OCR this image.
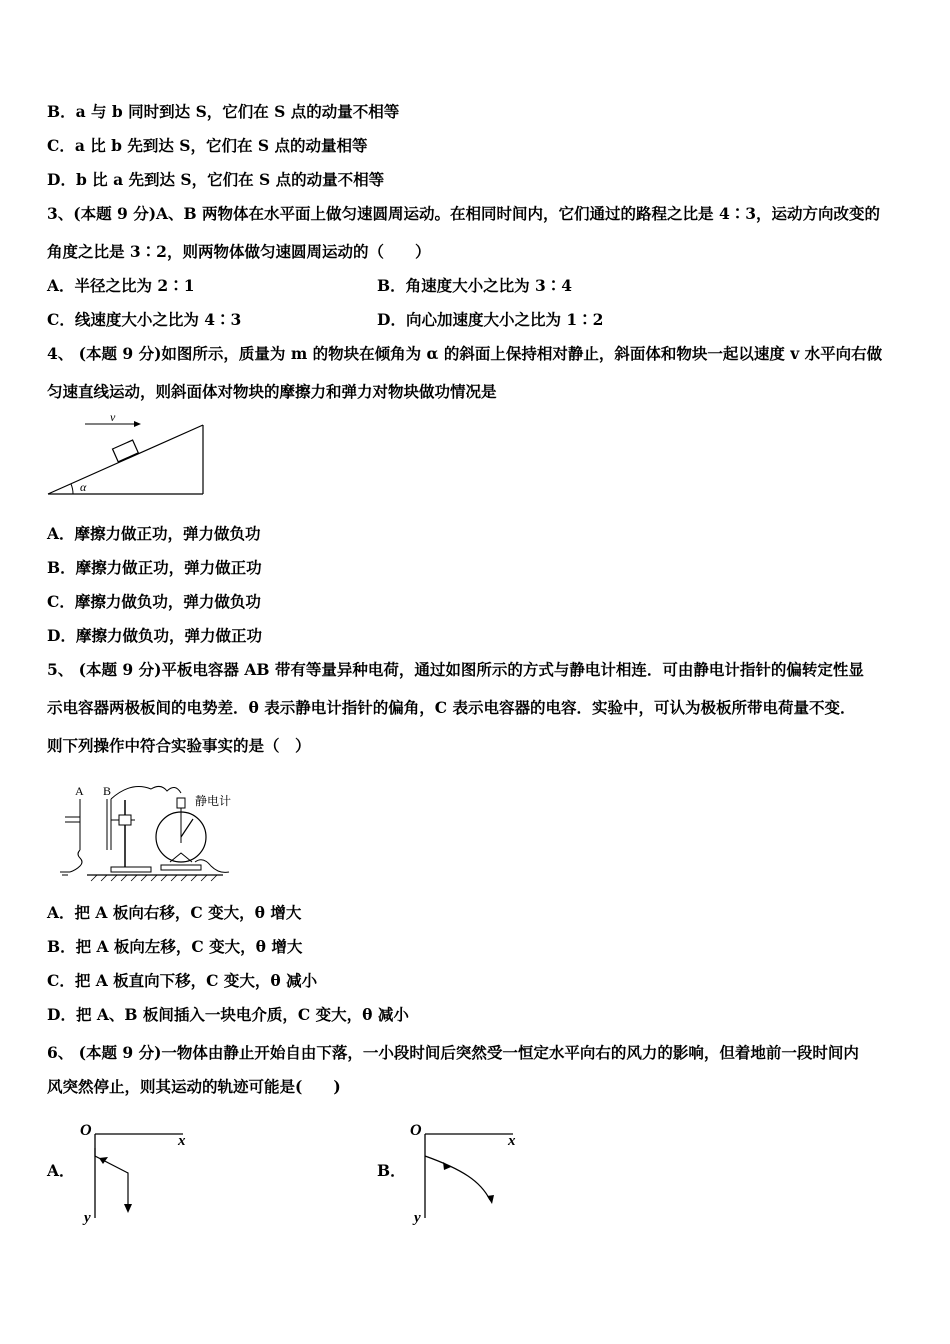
B．a 与 b 同时到达 S，它们在 S 点的动量不相等
C．a 比 b 先到达 S，它们在 S 点的动量相等
D．b 比 a 先到达 S，它们在 S 点的动量不相等
3、(本题 9 分)A、B 两物体在水平面上做匀速圆周运动。在相同时间内，它们通过的路程之比是 4∶3，运动方向改变的
角度之比是 3∶2，则两物体做匀速圆周运动的（　　）
A．半径之比为 2∶1	B．角速度大小之比为 3∶4
C．线速度大小之比为 4∶3	D．向心加速度大小之比为 1∶2
4、 (本题 9 分)如图所示，质量为 m 的物块在倾角为 α 的斜面上保持相对静止，斜面体和物块一起以速度 v 水平向右做
匀速直线运动，则斜面体对物块的摩擦力和弹力对物块做功情况是
v
α
A．摩擦力做正功，弹力做负功
B．摩擦力做正功，弹力做正功
C．摩擦力做负功，弹力做负功
D．摩擦力做负功，弹力做正功
5、 (本题 9 分)平板电容器 AB 带有等量异种电荷，通过如图所示的方式与静电计相连．可由静电计指针的偏转定性显
示电容器两极板间的电势差．θ 表示静电计指针的偏角，C 表示电容器的电容．实验中，可认为极板所带电荷量不变．
则下列操作中符合实验事实的是（　）
A B
静电计
A．把 A 板向右移，C 变大，θ 增大
B．把 A 板向左移，C 变大，θ 增大
C．把 A 板直向下移，C 变大，θ 减小
D．把 A、B 板间插入一块电介质，C 变大，θ 减小
6、 (本题 9 分)一物体由静止开始自由下落，一小段时间后突然受一恒定水平向右的风力的影响，但着地前一段时间内
风突然停止，则其运动的轨迹可能是(　　)
A．
O
x
y
B．
O
x
y
